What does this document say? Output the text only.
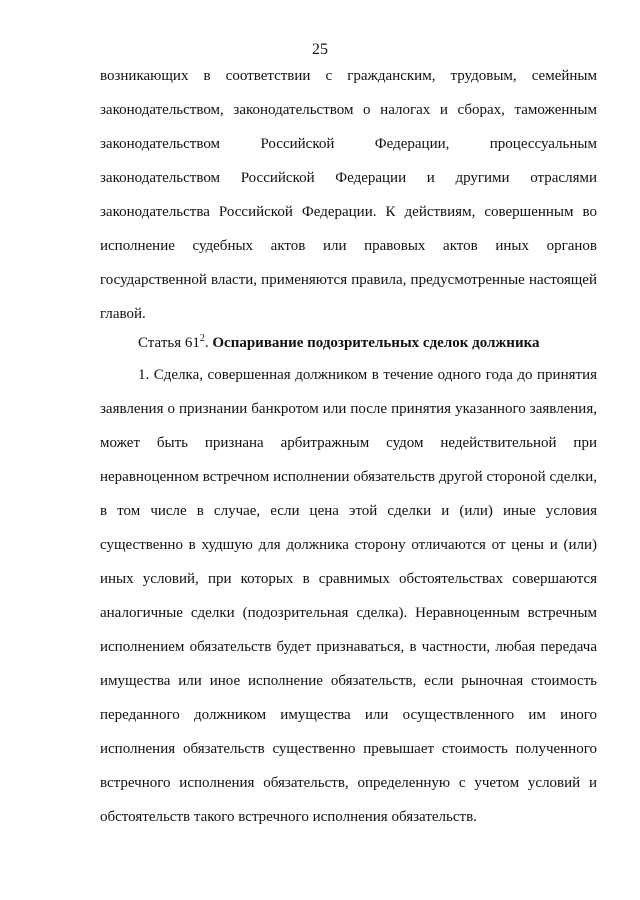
25
возникающих в соответствии с гражданским, трудовым, семейным
законодательством, законодательством о налогах и сборах, таможенным
законодательством Российской Федерации, процессуальным
законодательством Российской Федерации и другими отраслями
законодательства Российской Федерации. К действиям, совершенным во
исполнение судебных актов или правовых актов иных органов
государственной власти, применяются правила, предусмотренные настоящей
главой.
Статья $61^2$. Оспаривание подозрительных сделок должника
1. Сделка, совершенная должником в течение одного года до принятия
заявления о признании банкротом или после принятия указанного заявления,
может быть признана арбитражным судом недействительной при
неравноценном встречном исполнении обязательств другой стороной сделки,
в том числе в случае, если цена этой сделки и (или) иные условия
существенно в худшую для должника сторону отличаются от цены и (или)
иных условий, при которых в сравнимых обстоятельствах совершаются
аналогичные сделки (подозрительная сделка). Неравноценным встречным
исполнением обязательств будет признаваться, в частности, любая передача
имущества или иное исполнение обязательств, если рыночная стоимость
переданного должником имущества или осуществленного им иного
исполнения обязательств существенно превышает стоимость полученного
встречного исполнения обязательств, определенную с учетом условий и
обстоятельств такого встречного исполнения обязательств.
